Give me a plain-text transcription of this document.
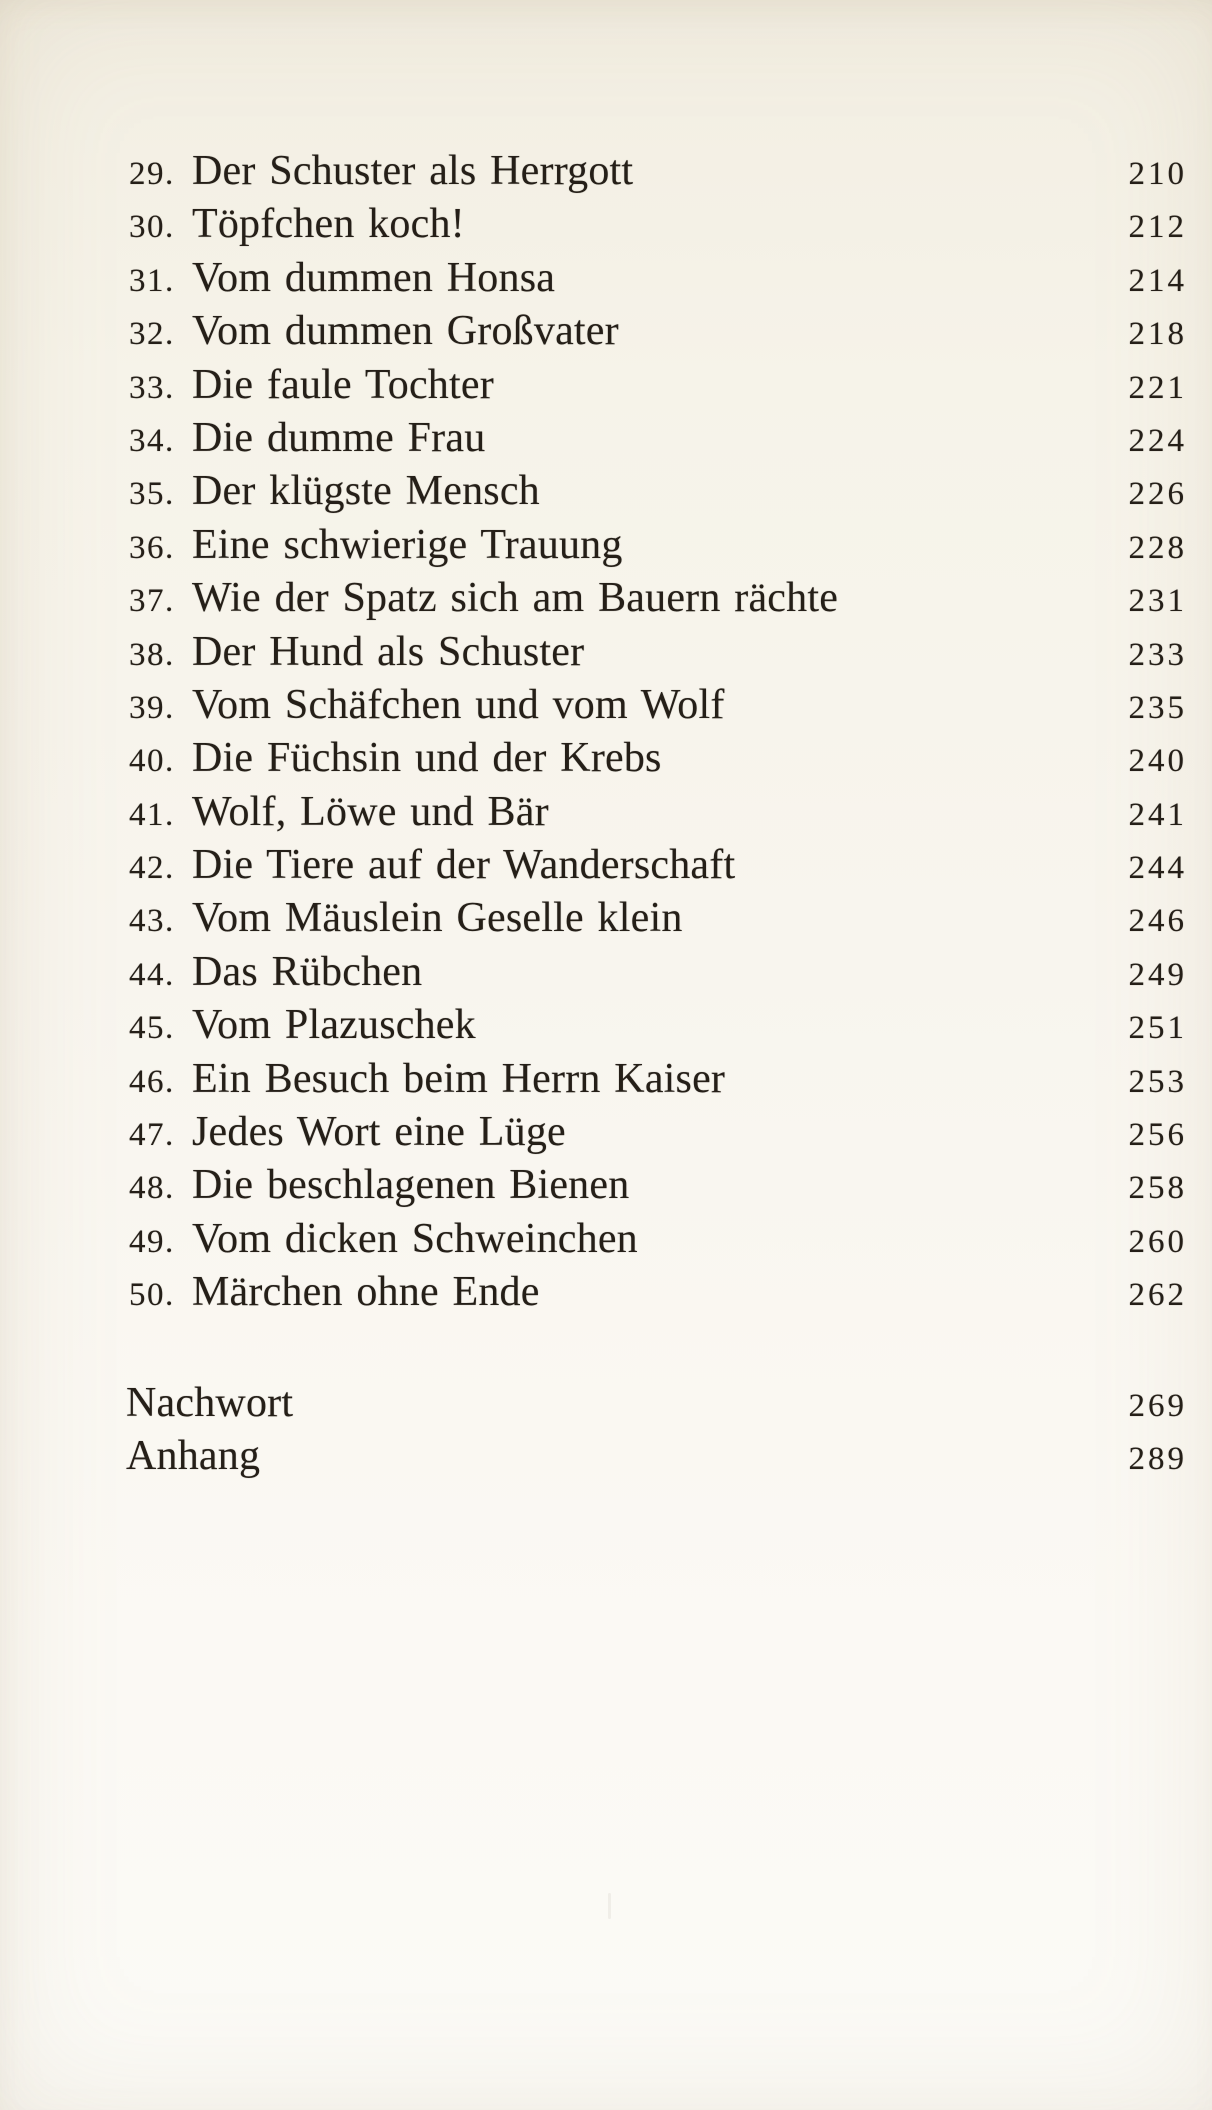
29. Der Schuster als Herrgott	210
30. Töpfchen koch!	212
31. Vom dummen Honsa	214
32. Vom dummen Großvater	218
33. Die faule Tochter	221
34. Die dumme Frau	224
35. Der klügste Mensch	226
36. Eine schwierige Trauung	228
37. Wie der Spatz sich am Bauern rächte	231
38. Der Hund als Schuster	233
39. Vom Schäfchen und vom Wolf	235
40. Die Füchsin und der Krebs	240
41. Wolf, Löwe und Bär	241
42. Die Tiere auf der Wanderschaft	244
43. Vom Mäuslein Geselle klein	246
44. Das Rübchen	249
45. Vom Plazuschek	251
46. Ein Besuch beim Herrn Kaiser	253
47. Jedes Wort eine Lüge	256
48. Die beschlagenen Bienen	258
49. Vom dicken Schweinchen	260
50. Märchen ohne Ende	262
Nachwort	269
Anhang	289
